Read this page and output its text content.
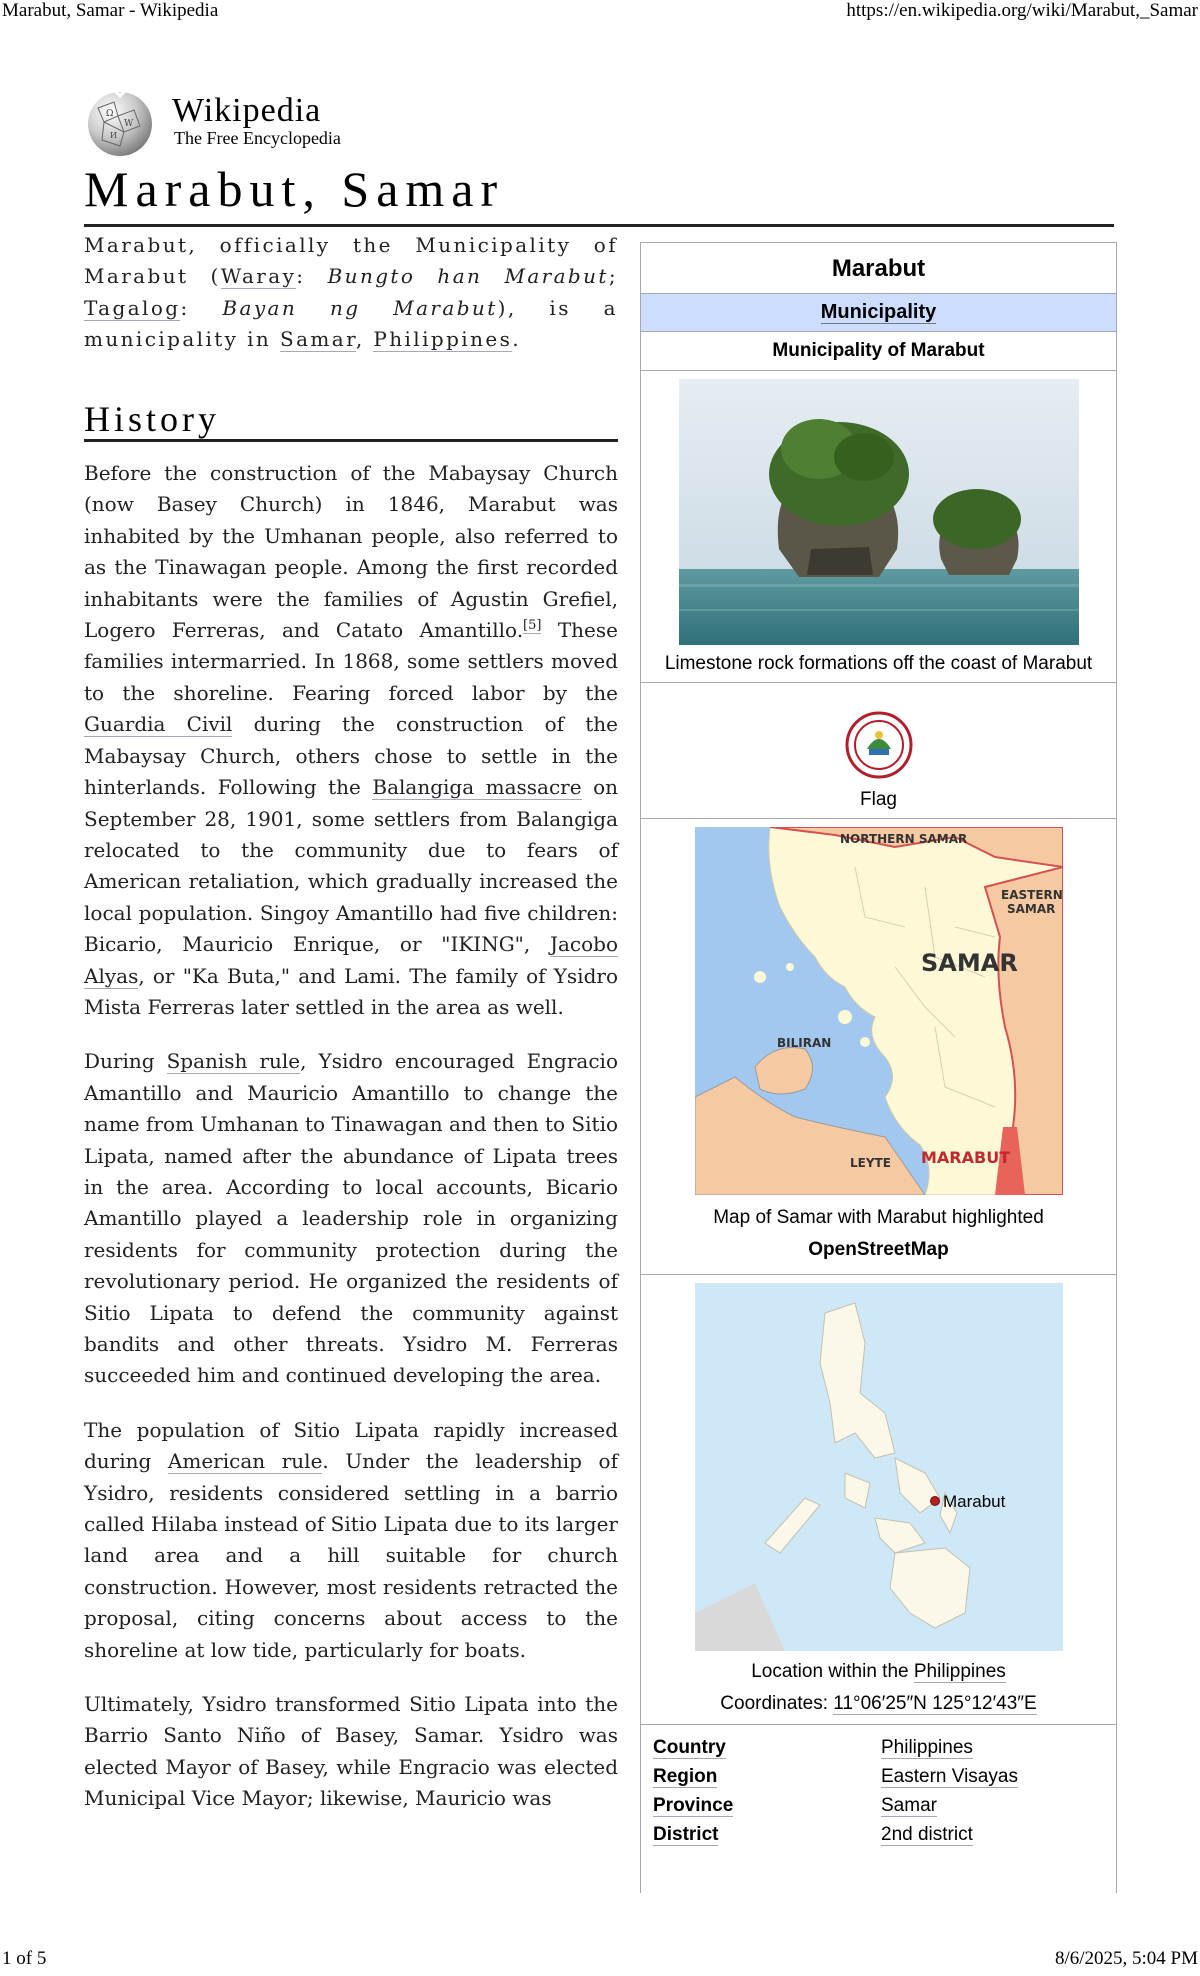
Marabut, Samar - Wikipedia	https://en.wikipedia.org/wiki/Marabut,_Samar
Ω
W
И
Wikipedia
The Free Encyclopedia
Marabut, Samar

Marabut, officially the Municipality of Marabut (Waray: Bungto han Marabut; Tagalog: Bayan ng Marabut), is a municipality in Samar, Philippines.

History

Before the construction of the Mabaysay Church (now Basey Church) in 1846, Marabut was inhabited by the Umhanan people, also referred to as the Tinawagan people. Among the first recorded inhabitants were the families of Agustin Grefiel, Logero Ferreras, and Catato Amantillo.[5] These families intermarried. In 1868, some settlers moved to the shoreline. Fearing forced labor by the Guardia Civil during the construction of the Mabaysay Church, others chose to settle in the hinterlands. Following the Balangiga massacre on September 28, 1901, some settlers from Balangiga relocated to the community due to fears of American retaliation, which gradually increased the local population. Singoy Amantillo had five children: Bicario, Mauricio Enrique, or "IKING", Jacobo Alyas, or "Ka Buta," and Lami. The family of Ysidro Mista Ferreras later settled in the area as well.

During Spanish rule, Ysidro encouraged Engracio Amantillo and Mauricio Amantillo to change the name from Umhanan to Tinawagan and then to Sitio Lipata, named after the abundance of Lipata trees in the area. According to local accounts, Bicario Amantillo played a leadership role in organizing residents for community protection during the revolutionary period. He organized the residents of Sitio Lipata to defend the community against bandits and other threats. Ysidro M. Ferreras succeeded him and continued developing the area.

The population of Sitio Lipata rapidly increased during American rule. Under the leadership of Ysidro, residents considered settling in a barrio called Hilaba instead of Sitio Lipata due to its larger land area and a hill suitable for church construction. However, most residents retracted the proposal, citing concerns about access to the shoreline at low tide, particularly for boats.

Ultimately, Ysidro transformed Sitio Lipata into the Barrio Santo Niño of Basey, Samar. Ysidro was elected Mayor of Basey, while Engracio was elected Municipal Vice Mayor; likewise, Mauricio was

Marabut
Municipality
Municipality of Marabut
Limestone rock formations off the coast of Marabut
Flag
NORTHERN SAMAR
EASTERN
SAMAR
SAMAR
BILIRAN
LEYTE MARABUT
Map of Samar with Marabut highlighted
OpenStreetMap
Marabut
Location within the Philippines
Coordinates: 11°06′25″N 125°12′43″E
Country	Philippines
Region	Eastern Visayas
Province	Samar
District	2nd district
1 of 5	8/6/2025, 5:04 PM
